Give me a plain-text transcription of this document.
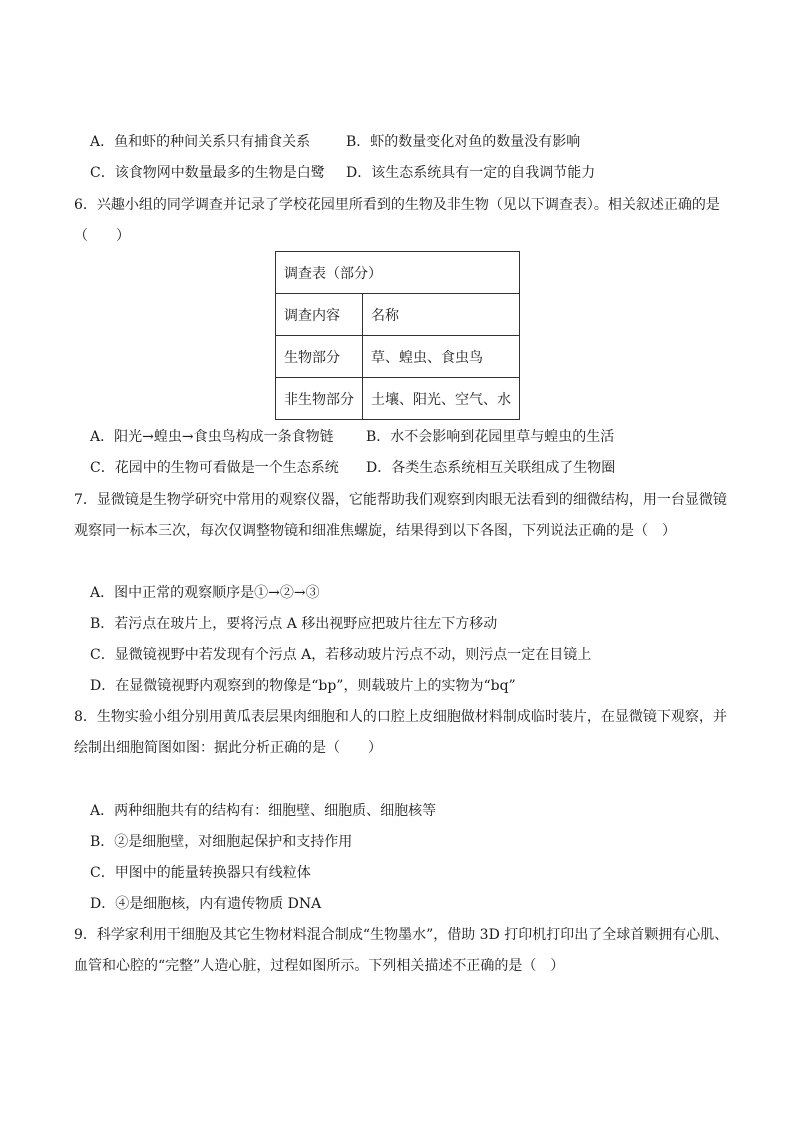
A．鱼和虾的种间关系只有捕食关系	B．虾的数量变化对鱼的数量没有影响
C．该食物网中数量最多的生物是白鹭 D．该生态系统具有一定的自我调节能力
6．兴趣小组的同学调查并记录了学校花园里所看到的生物及非生物（见以下调查表）。相关叙述正确的是
（　　）
调查表（部分）	
调查内容	名称
生物部分	草、蝗虫、食虫鸟
非生物部分	土壤、阳光、空气、水
A．阳光→蝗虫→食虫鸟构成一条食物链 B．水不会影响到花园里草与蝗虫的生活
C．花园中的生物可看做是一个生态系统 D．各类生态系统相互关联组成了生物圈
7．显微镜是生物学研究中常用的观察仪器，它能帮助我们观察到肉眼无法看到的细微结构，用一台显微镜
观察同一标本三次，每次仅调整物镜和细准焦螺旋，结果得到以下各图，下列说法正确的是（　）
A．图中正常的观察顺序是①→②→③
B．若污点在玻片上，要将污点 A 移出视野应把玻片往左下方移动
C．显微镜视野中若发现有个污点 A，若移动玻片污点不动，则污点一定在目镜上
D．在显微镜视野内观察到的物像是“bp”，则载玻片上的实物为“bq”
8．生物实验小组分别用黄瓜表层果肉细胞和人的口腔上皮细胞做材料制成临时装片，在显微镜下观察，并
绘制出细胞简图如图：据此分析正确的是（　　）
A．两种细胞共有的结构有：细胞壁、细胞质、细胞核等
B．②是细胞壁，对细胞起保护和支持作用
C．甲图中的能量转换器只有线粒体
D．④是细胞核，内有遗传物质 DNA
9．科学家利用干细胞及其它生物材料混合制成“生物墨水”，借助 3D 打印机打印出了全球首颗拥有心肌、
血管和心腔的“完整”人造心脏，过程如图所示。下列相关描述不正确的是（　）
